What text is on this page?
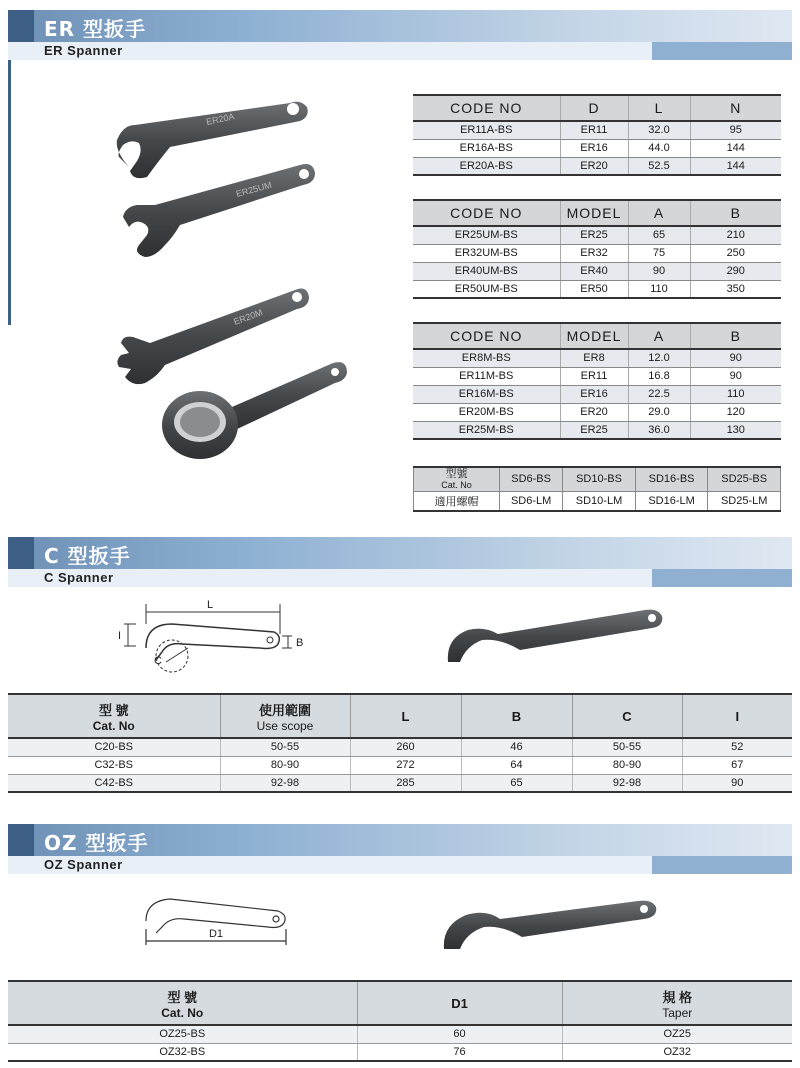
ER 型扳手
ER Spanner
ER20A
ER25UM
ER20M
CODE NO	D	L	N
ER11A-BS	ER11	32.0	95
ER16A-BS	ER16	44.0	144
ER20A-BS	ER20	52.5	144
CODE NO	MODEL	A	B
ER25UM-BS	ER25	65	210
ER32UM-BS	ER32	75	250
ER40UM-BS	ER40	90	290
ER50UM-BS	ER50	110	350
CODE NO	MODEL	A	B
ER8M-BS	ER8	12.0	90
ER11M-BS	ER11	16.8	90
ER16M-BS	ER16	22.5	110
ER20M-BS	ER20	29.0	120
ER25M-BS	ER25	36.0	130
型號
Cat. No	SD6-BS	SD10-BS	SD16-BS	SD25-BS
適用螺帽	SD6-LM	SD10-LM	SD16-LM	SD25-LM
C 型扳手
C Spanner
L
I
B
C
型 號
Cat. No	使用範圍
Use scope	L	B	C	I
C20-BS	50-55	260	46	50-55	52
C32-BS	80-90	272	64	80-90	67
C42-BS	92-98	285	65	92-98	90
OZ 型扳手
OZ Spanner
D1
型 號
Cat. No	D1	規 格
Taper

OZ25-BS	60	OZ25
OZ32-BS	76	OZ32
